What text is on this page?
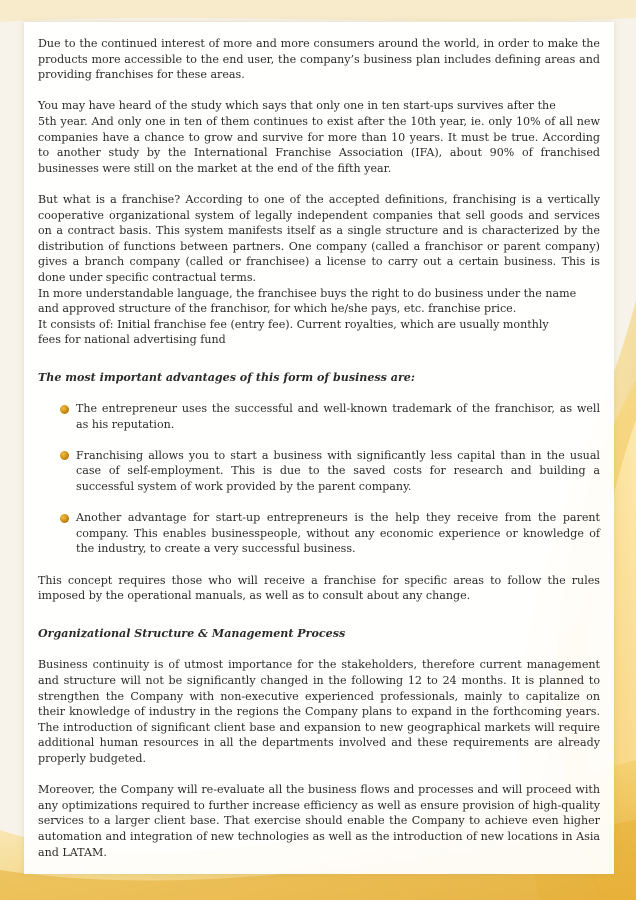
Due to the continued interest of more and more consumers around the world, in order to make the products more accessible to the end user, the company’s business plan includes defining areas and providing franchises for these areas.

You may have heard of the study which says that only one in ten start-ups survives after the
5th year. And only one in ten of them continues to exist after the 10th year, ie. only 10% of all new companies have a chance to grow and survive for more than 10 years. It must be true. According to another study by the International Franchise Association (IFA), about 90% of franchised businesses were still on the market at the end of the fifth year.

But what is a franchise? According to one of the accepted definitions, franchising is a vertically cooperative organizational system of legally independent companies that sell goods and services on a contract basis. This system manifests itself as a single structure and is characterized by the distribution of functions between partners. One company (called a franchisor or parent company) gives a branch company (called or franchisee) a license to carry out a certain business. This is done under specific contractual terms.

In more understandable language, the franchisee buys the right to do business under the name
and approved structure of the franchisor, for which he/she pays, etc. franchise price.
It consists of: Initial franchise fee (entry fee). Current royalties, which are usually monthly
fees for national advertising fund

The most important advantages of this form of business are:

The entrepreneur uses the successful and well-known trademark of the franchisor, as well as his reputation.
Franchising allows you to start a business with significantly less capital than in the usual case of self-employment. This is due to the saved costs for research and building a successful system of work provided by the parent company.
Another advantage for start-up entrepreneurs is the help they receive from the parent company. This enables businesspeople, without any economic experience or knowledge of the industry, to create a very successful business.

This concept requires those who will receive a franchise for specific areas to follow the rules imposed by the operational manuals, as well as to consult about any change.

Organizational Structure & Management Process

Business continuity is of utmost importance for the stakeholders, therefore current management and structure will not be significantly changed in the following 12 to 24 months. It is planned to strengthen the Company with non-executive experienced professionals, mainly to capitalize on their knowledge of industry in the regions the Company plans to expand in the forthcoming years. The introduction of significant client base and expansion to new geographical markets will require additional human resources in all the departments involved and these requirements are already properly budgeted.

Moreover, the Company will re-evaluate all the business flows and processes and will proceed with any optimizations required to further increase efficiency as well as ensure provision of high-quality services to a larger client base. That exercise should enable the Company to achieve even higher automation and integration of new technologies as well as the introduction of new locations in Asia and LATAM.
